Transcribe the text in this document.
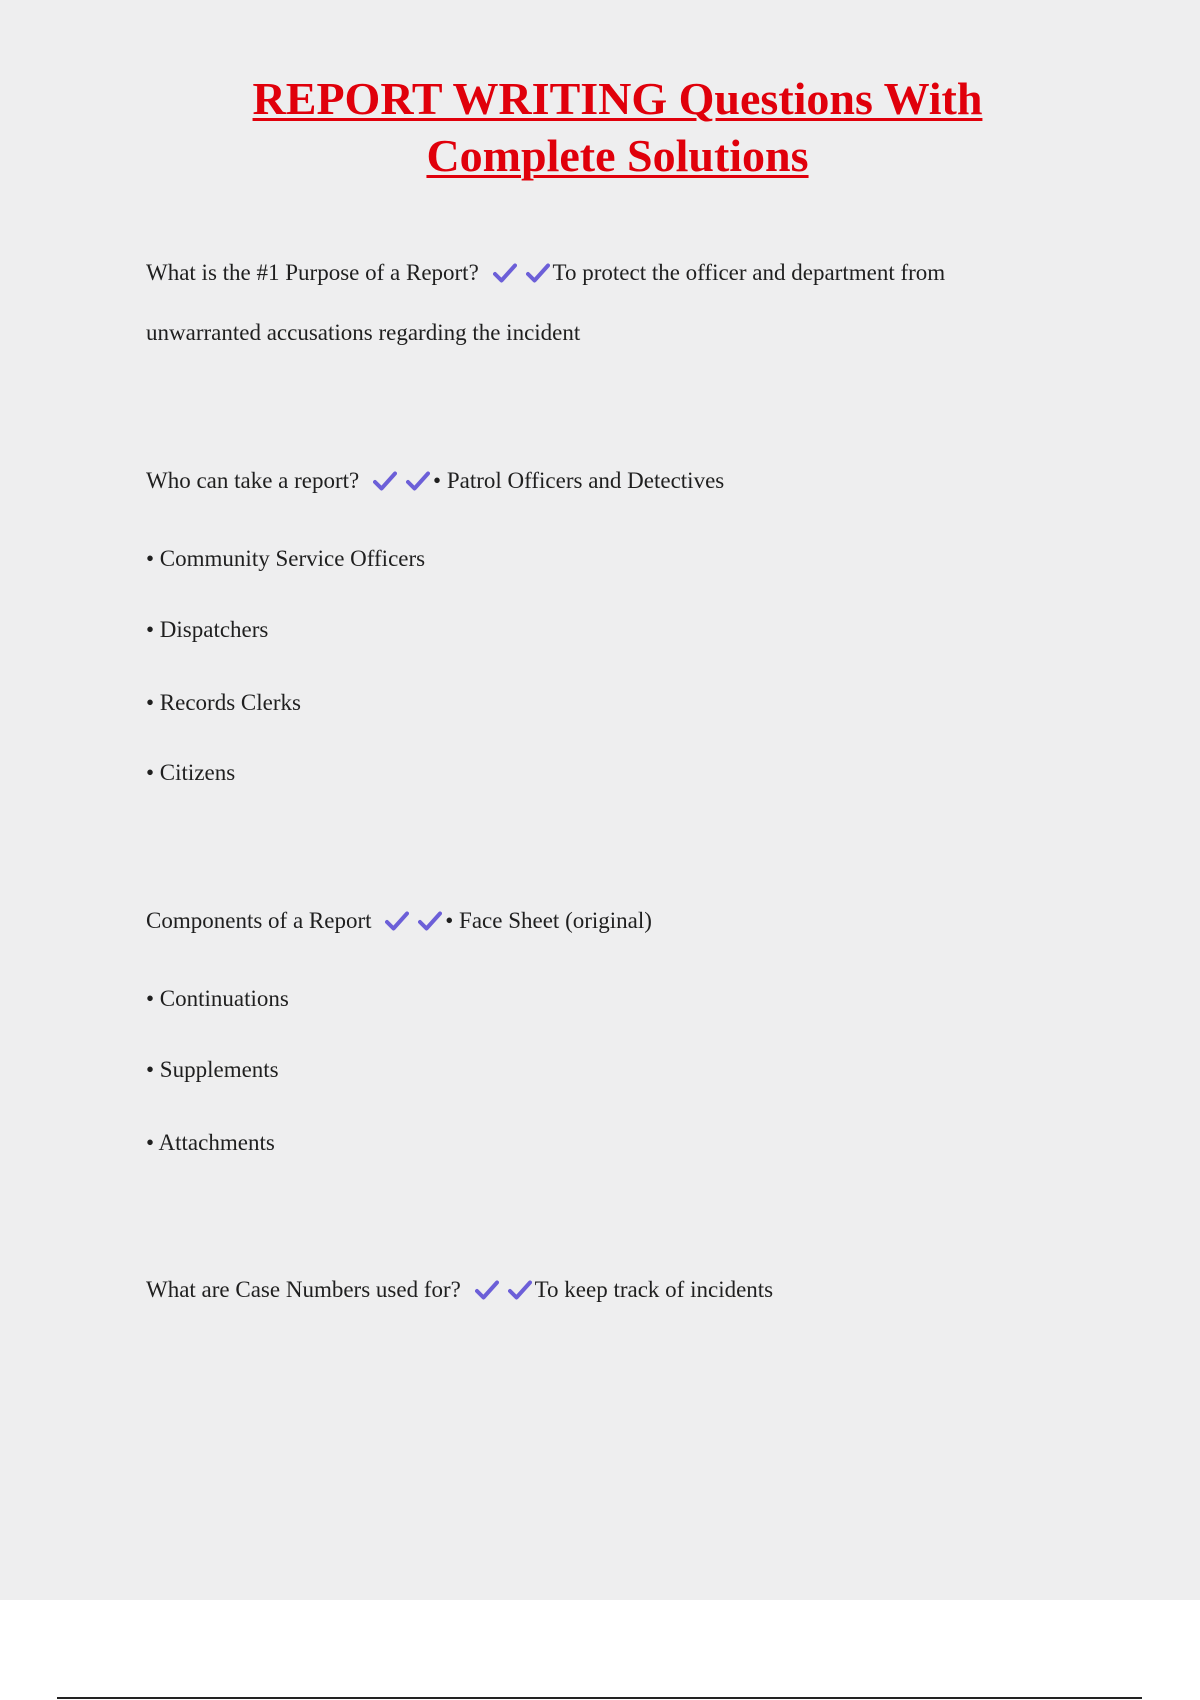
REPORT WRITING Questions With
Complete Solutions
What is the #1 Purpose of a Report?	To protect the officer and department from
unwarranted accusations regarding the incident
Who can take a report?	• Patrol Officers and Detectives
• Community Service Officers
• Dispatchers
• Records Clerks
• Citizens
Components of a Report	• Face Sheet (original)
• Continuations
• Supplements
• Attachments
What are Case Numbers used for?	To keep track of incidents
